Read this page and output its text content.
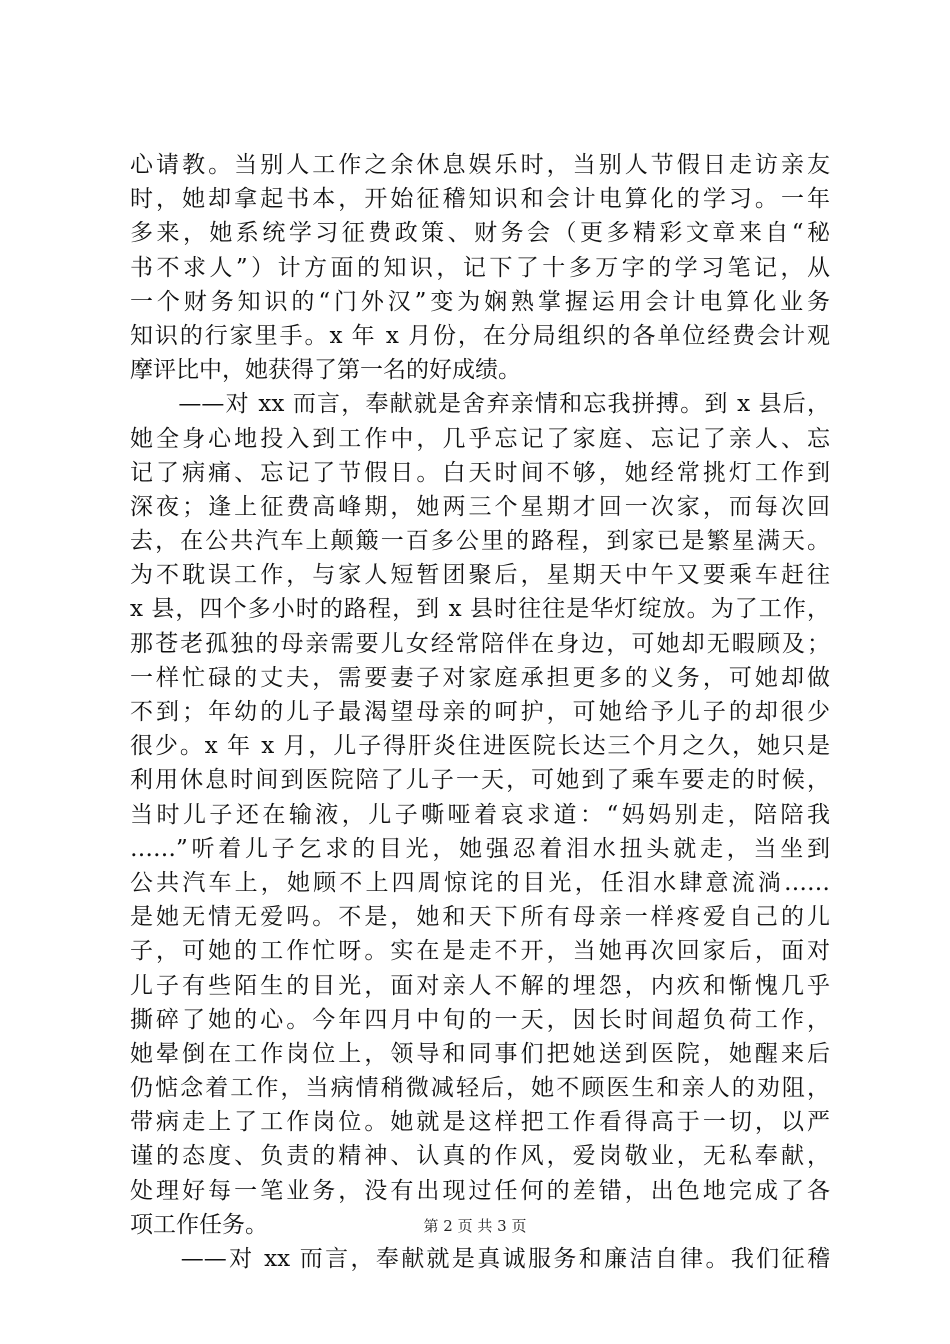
心请教。当别人工作之余休息娱乐时，当别人节假日走访亲友
时，她却拿起书本，开始征稽知识和会计电算化的学习。一年
多来，她系统学习征费政策、财务会（更多精彩文章来自“秘
书不求人”）计方面的知识，记下了十多万字的学习笔记，从
一个财务知识的“门外汉”变为娴熟掌握运用会计电算化业务
知识的行家里手。x 年 x 月份，在分局组织的各单位经费会计观
摩评比中，她获得了第一名的好成绩。
　　——对 xx 而言，奉献就是舍弃亲情和忘我拼搏。到 x 县后，
她全身心地投入到工作中，几乎忘记了家庭、忘记了亲人、忘
记了病痛、忘记了节假日。白天时间不够，她经常挑灯工作到
深夜；逢上征费高峰期，她两三个星期才回一次家，而每次回
去，在公共汽车上颠簸一百多公里的路程，到家已是繁星满天。
为不耽误工作，与家人短暂团聚后，星期天中午又要乘车赶往
x 县，四个多小时的路程，到 x 县时往往是华灯绽放。为了工作，
那苍老孤独的母亲需要儿女经常陪伴在身边，可她却无暇顾及；
一样忙碌的丈夫，需要妻子对家庭承担更多的义务，可她却做
不到；年幼的儿子最渴望母亲的呵护，可她给予儿子的却很少
很少。x 年 x 月，儿子得肝炎住进医院长达三个月之久，她只是
利用休息时间到医院陪了儿子一天，可她到了乘车要走的时候，
当时儿子还在输液，儿子嘶哑着哀求道：“妈妈别走，陪陪我
……”听着儿子乞求的目光，她强忍着泪水扭头就走，当坐到
公共汽车上，她顾不上四周惊诧的目光，任泪水肆意流淌……
是她无情无爱吗。不是，她和天下所有母亲一样疼爱自己的儿
子，可她的工作忙呀。实在是走不开，当她再次回家后，面对
儿子有些陌生的目光，面对亲人不解的埋怨，内疚和惭愧几乎
撕碎了她的心。今年四月中旬的一天，因长时间超负荷工作，
她晕倒在工作岗位上，领导和同事们把她送到医院，她醒来后
仍惦念着工作，当病情稍微减轻后，她不顾医生和亲人的劝阻，
带病走上了工作岗位。她就是这样把工作看得高于一切，以严
谨的态度、负责的精神、认真的作风，爱岗敬业，无私奉献，
处理好每一笔业务，没有出现过任何的差错，出色地完成了各
项工作任务。
　　——对 xx 而言，奉献就是真诚服务和廉洁自律。我们征稽
第 2 页 共 3 页
